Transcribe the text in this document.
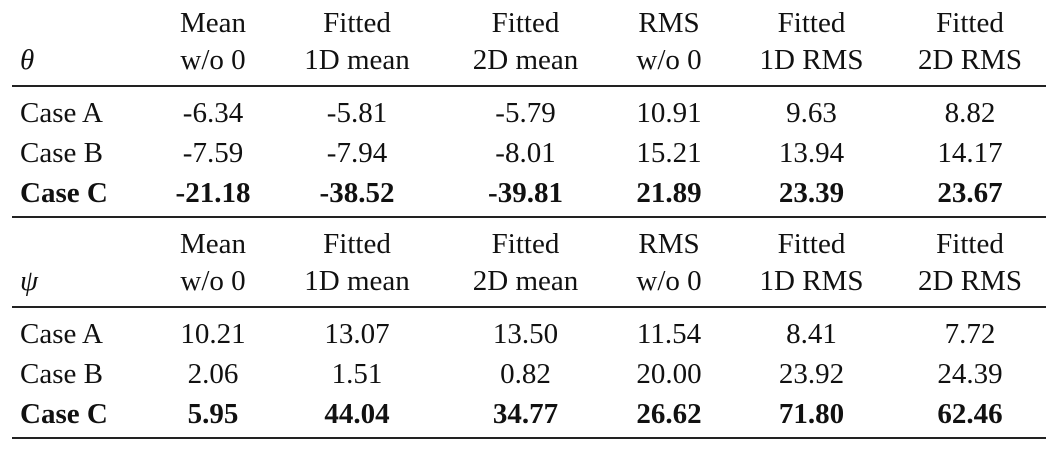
	Mean	Fitted	Fitted	RMS	Fitted	Fitted
θ	w/o 0	1D mean	2D mean	w/o 0	1D RMS	2D RMS
Case A	-6.34	-5.81	-5.79	10.91	9.63	8.82
Case B	-7.59	-7.94	-8.01	15.21	13.94	14.17
Case C	-21.18	-38.52	-39.81	21.89	23.39	23.67
	Mean	Fitted	Fitted	RMS	Fitted	Fitted
ψ	w/o 0	1D mean	2D mean	w/o 0	1D RMS	2D RMS
Case A	10.21	13.07	13.50	11.54	8.41	7.72
Case B	2.06	1.51	0.82	20.00	23.92	24.39
Case C	5.95	44.04	34.77	26.62	71.80	62.46
